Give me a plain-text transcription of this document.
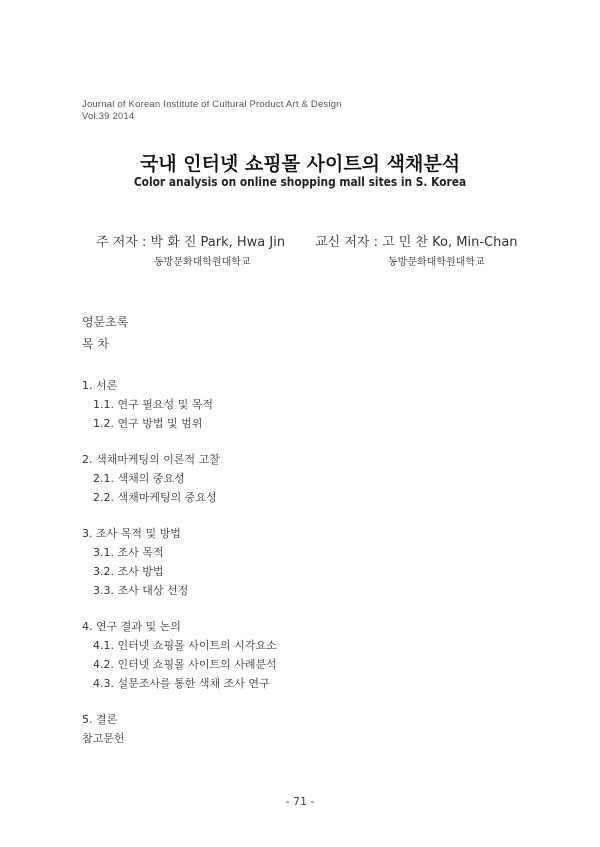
Journal of Korean Institute of Cultural Product Art & Design
Vol.39 2014
국내 인터넷 쇼핑몰 사이트의 색채분석
Color analysis on online shopping mall sites in S. Korea
주 저자 : 박 화 진 Park, Hwa Jin 교신 저자 : 고 민 찬 Ko, Min-Chan
동방문화대학원대학교	동방문화대학원대학교
영문초록
목 차
1. 서론
1.1. 연구 필요성 및 목적
1.2. 연구 방법 및 범위
2. 색채마케팅의 이론적 고찰
2.1. 색채의 중요성
2.2. 색채마케팅의 중요성
3. 조사 목적 및 방법
3.1. 조사 목적
3.2. 조사 방법
3.3. 조사 대상 선정
4. 연구 결과 및 논의
4.1. 인터넷 쇼핑몰 사이트의 시각요소
4.2. 인터넷 쇼핑몰 사이트의 사례분석
4.3. 설문조사를 통한 색채 조사 연구
5. 결론
참고문헌
- 71 -
